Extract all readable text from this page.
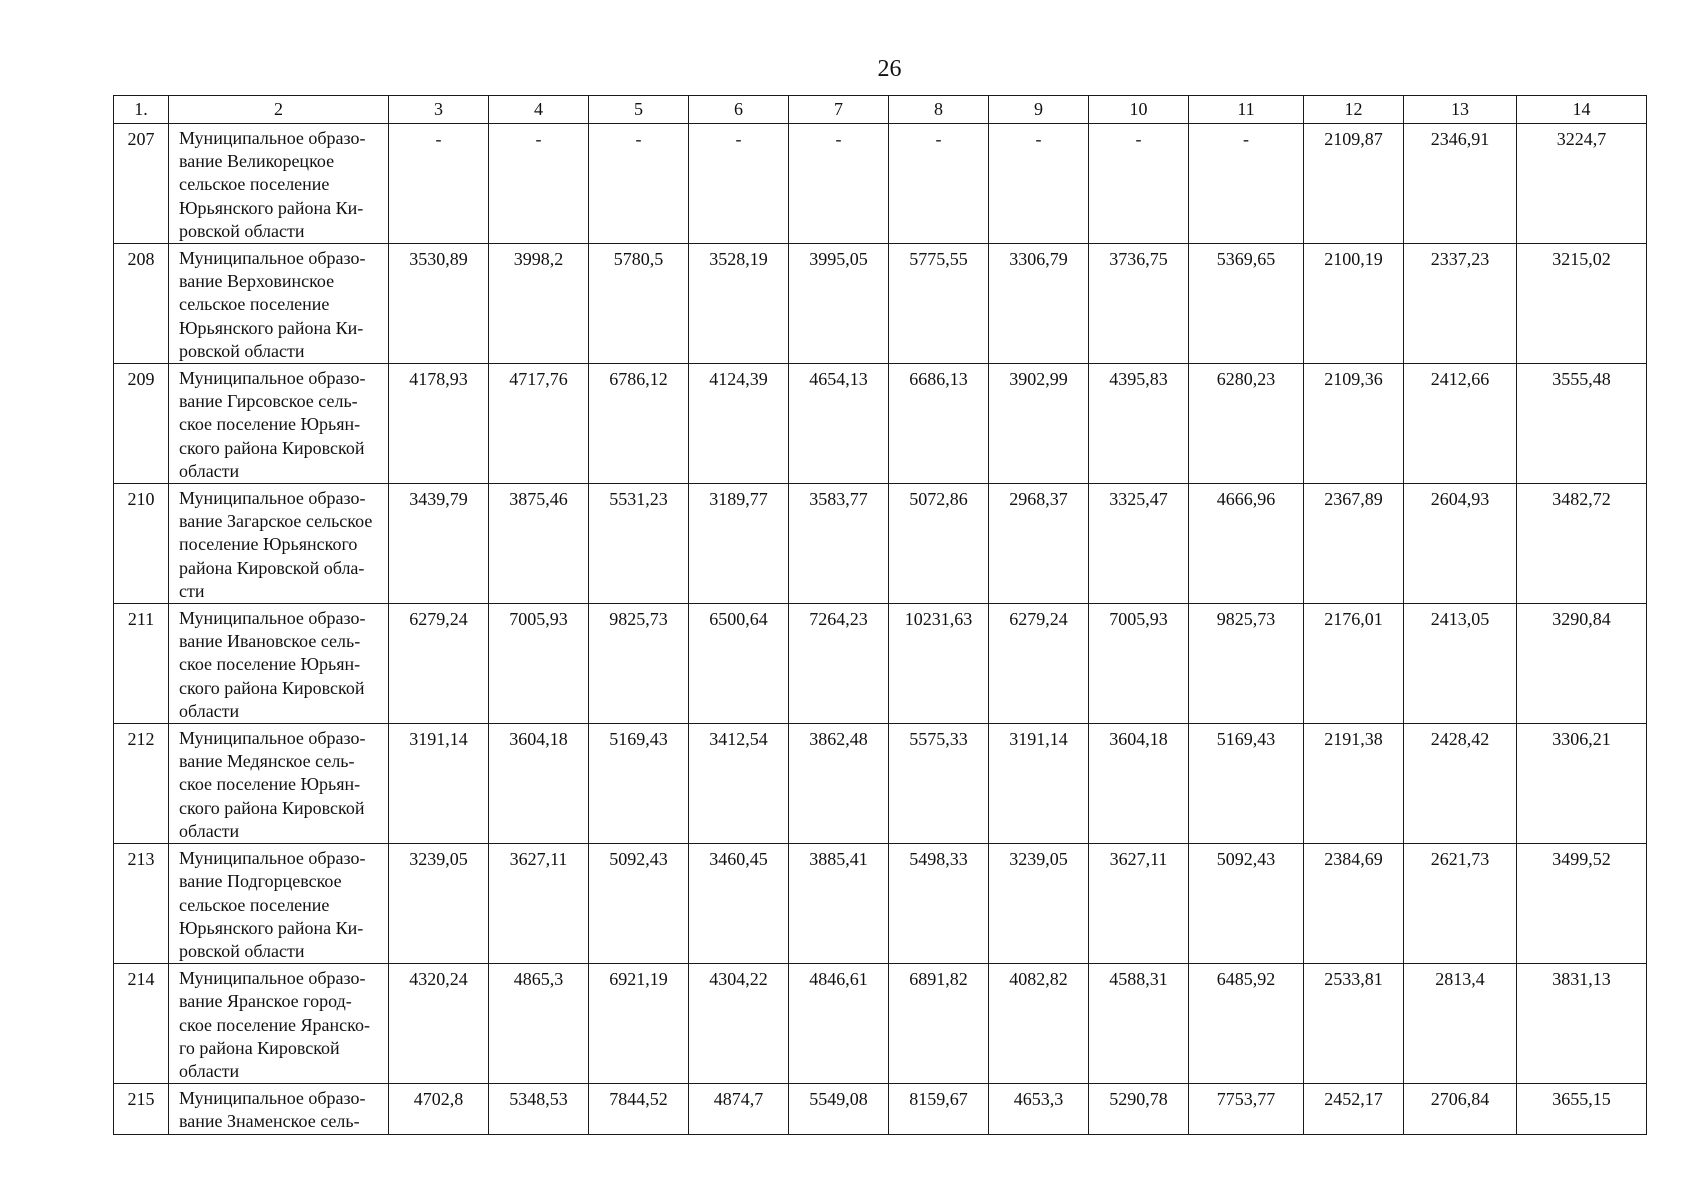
26
1.	2	3	4	5	6	7	8	9	10	11	12	13	14
207	Муниципальное образо-
вание Великорецкое
сельское поселение
Юрьянского района Ки-
ровской области	-	-	-	-	-	-	-	-	-	2109,87	2346,91	3224,7
208	Муниципальное образо-
вание Верховинское
сельское поселение
Юрьянского района Ки-
ровской области	3530,89	3998,2	5780,5	3528,19	3995,05	5775,55	3306,79	3736,75	5369,65	2100,19	2337,23	3215,02
209	Муниципальное образо-
вание Гирсовское сель-
ское поселение Юрьян-
ского района Кировской
области	4178,93	4717,76	6786,12	4124,39	4654,13	6686,13	3902,99	4395,83	6280,23	2109,36	2412,66	3555,48
210	Муниципальное образо-
вание Загарское сельское
поселение Юрьянского
района Кировской обла-
сти	3439,79	3875,46	5531,23	3189,77	3583,77	5072,86	2968,37	3325,47	4666,96	2367,89	2604,93	3482,72
211	Муниципальное образо-
вание Ивановское сель-
ское поселение Юрьян-
ского района Кировской
области	6279,24	7005,93	9825,73	6500,64	7264,23	10231,63	6279,24	7005,93	9825,73	2176,01	2413,05	3290,84
212	Муниципальное образо-
вание Медянское сель-
ское поселение Юрьян-
ского района Кировской
области	3191,14	3604,18	5169,43	3412,54	3862,48	5575,33	3191,14	3604,18	5169,43	2191,38	2428,42	3306,21
213	Муниципальное образо-
вание Подгорцевское
сельское поселение
Юрьянского района Ки-
ровской области	3239,05	3627,11	5092,43	3460,45	3885,41	5498,33	3239,05	3627,11	5092,43	2384,69	2621,73	3499,52
214	Муниципальное образо-
вание Яранское город-
ское поселение Яранско-
го района Кировской
области	4320,24	4865,3	6921,19	4304,22	4846,61	6891,82	4082,82	4588,31	6485,92	2533,81	2813,4	3831,13
215	Муниципальное образо-
вание Знаменское сель-	4702,8	5348,53	7844,52	4874,7	5549,08	8159,67	4653,3	5290,78	7753,77	2452,17	2706,84	3655,15
